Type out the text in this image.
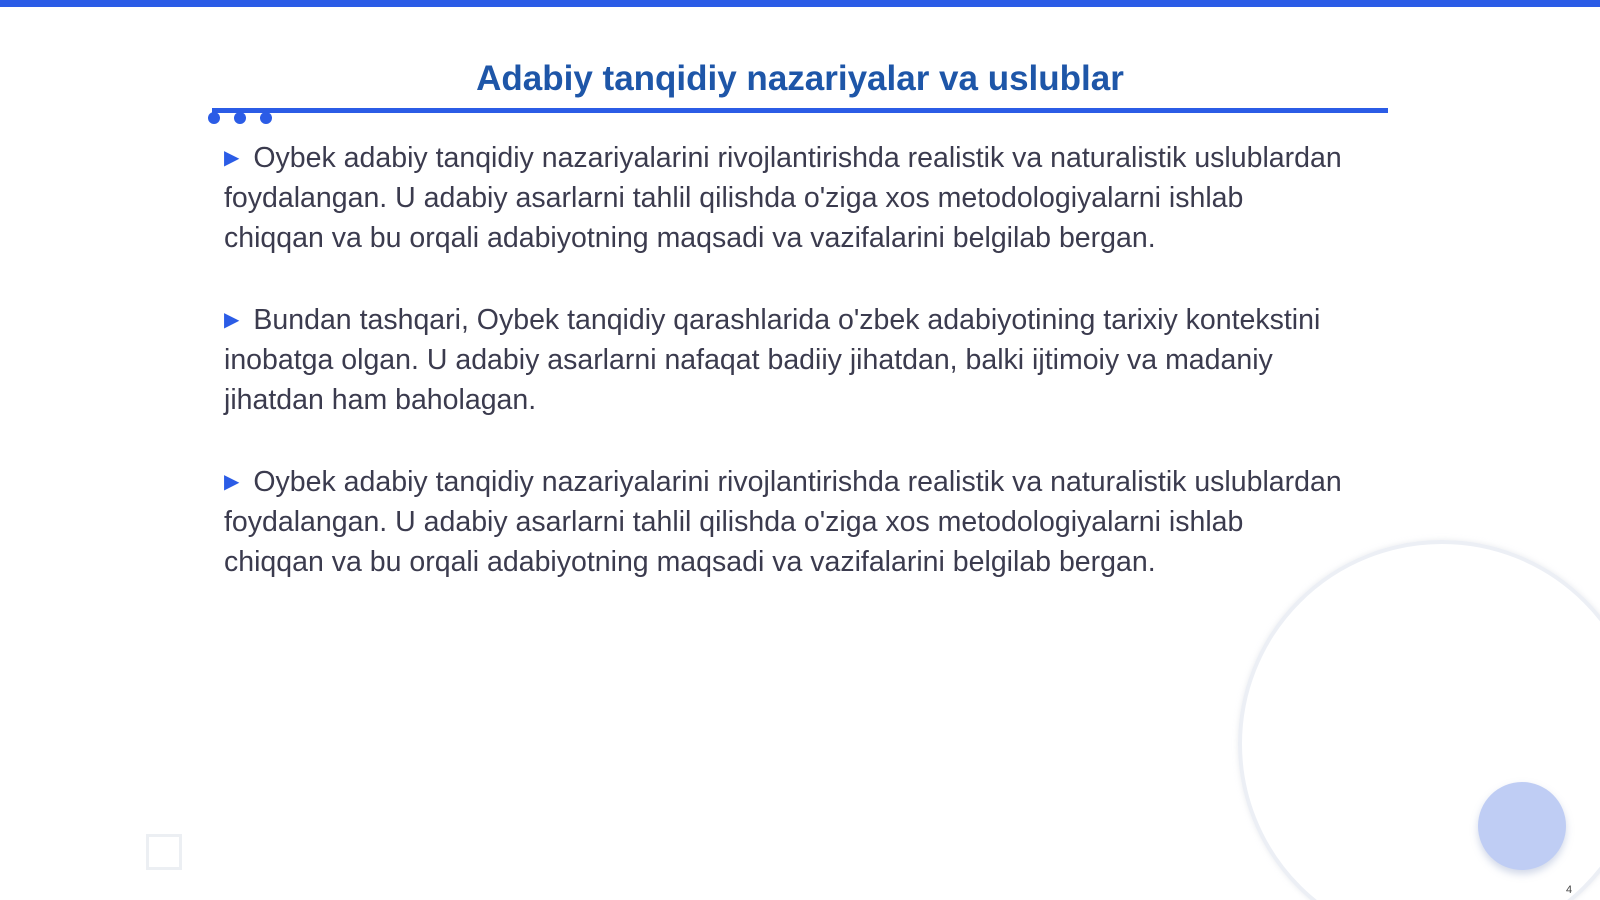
Adabiy tanqidiy nazariyalar va uslublar

▶ Oybek adabiy tanqidiy nazariyalarini rivojlantirishda realistik va naturalistik uslublardan foydalangan. U adabiy asarlarni tahlil qilishda o'ziga xos metodologiyalarni ishlab chiqqan va bu orqali adabiyotning maqsadi va vazifalarini belgilab bergan.

▶ Bundan tashqari, Oybek tanqidiy qarashlarida o'zbek adabiyotining tarixiy kontekstini inobatga olgan. U adabiy asarlarni nafaqat badiiy jihatdan, balki ijtimoiy va madaniy jihatdan ham baholagan.

▶ Oybek adabiy tanqidiy nazariyalarini rivojlantirishda realistik va naturalistik uslublardan foydalangan. U adabiy asarlarni tahlil qilishda o'ziga xos metodologiyalarni ishlab chiqqan va bu orqali adabiyotning maqsadi va vazifalarini belgilab bergan.

4
